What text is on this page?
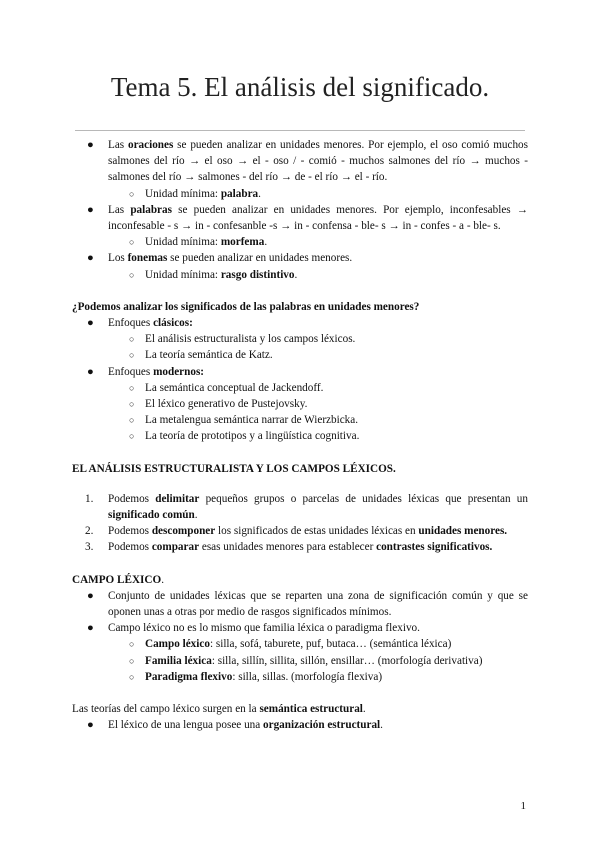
Tema 5. El análisis del significado.
● Las oraciones se pueden analizar en unidades menores. Por ejemplo, el oso comió muchos salmones del río → el oso → el - oso / - comió - muchos salmones del río → muchos - salmones del río → salmones - del río → de - el río → el - río.
○ Unidad mínima: palabra.
● Las palabras se pueden analizar en unidades menores. Por ejemplo, inconfesables → inconfesable - s → in - confesanble -s → in - confensa - ble- s → in - confes - a - ble- s.
○ Unidad mínima: morfema.
● Los fonemas se pueden analizar en unidades menores.
○ Unidad mínima: rasgo distintivo.

¿Podemos analizar los significados de las palabras en unidades menores?

● Enfoques clásicos:
○ El análisis estructuralista y los campos léxicos.
○ La teoría semántica de Katz.
● Enfoques modernos:
○ La semántica conceptual de Jackendoff.
○ El léxico generativo de Pustejovsky.
○ La metalengua semántica narrar de Wierzbicka.
○ La teoría de prototipos y a lingüística cognitiva.

EL ANÁLISIS ESTRUCTURALISTA Y LOS CAMPOS LÉXICOS.

1. Podemos delimitar pequeños grupos o parcelas de unidades léxicas que presentan un significado común.
2. Podemos descomponer los significados de estas unidades léxicas en unidades menores.
3. Podemos comparar esas unidades menores para establecer contrastes significativos.

CAMPO LÉXICO.

● Conjunto de unidades léxicas que se reparten una zona de significación común y que se oponen unas a otras por medio de rasgos significados mínimos.
● Campo léxico no es lo mismo que familia léxica o paradigma flexivo.
○ Campo léxico: silla, sofá, taburete, puf, butaca… (semántica léxica)
○ Familia léxica: silla, sillín, sillita, sillón, ensillar… (morfología derivativa)
○ Paradigma flexivo: silla, sillas. (morfología flexiva)

Las teorías del campo léxico surgen en la semántica estructural.

● El léxico de una lengua posee una organización estructural.
1
